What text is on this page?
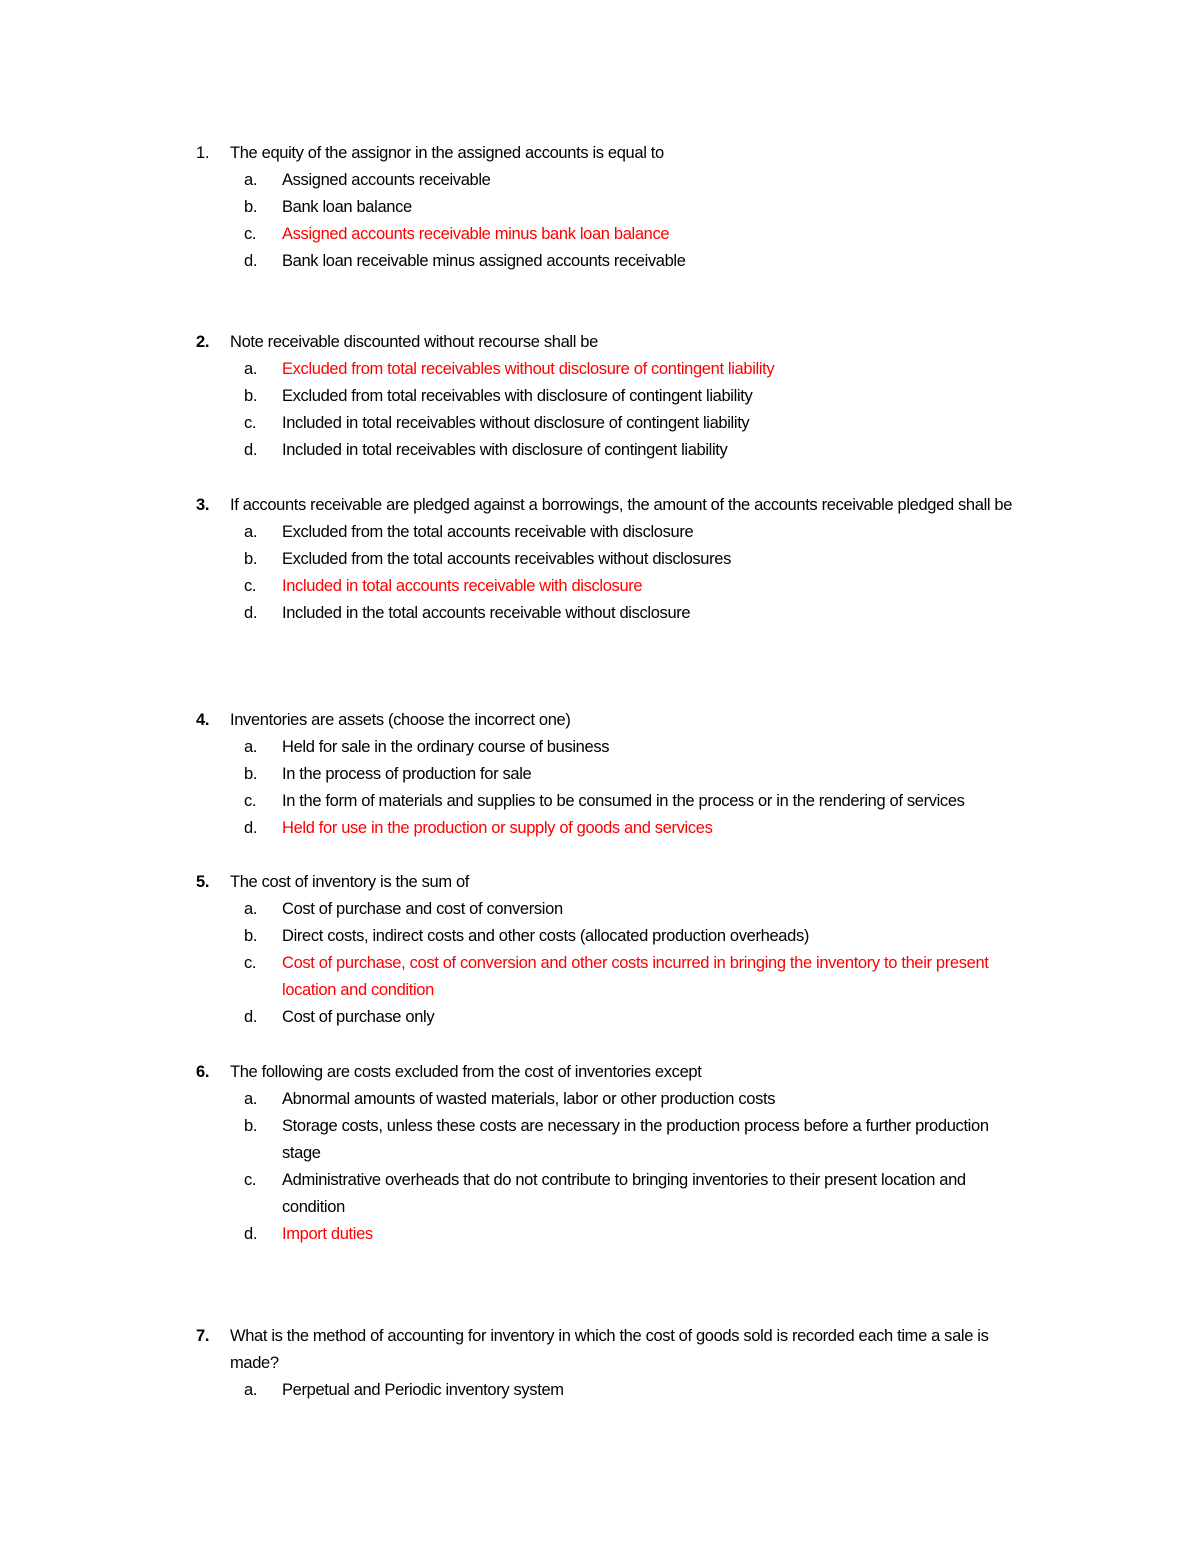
1.	The equity of the assignor in the assigned accounts is equal to
a.	Assigned accounts receivable
b.	Bank loan balance
c.	Assigned accounts receivable minus bank loan balance
d.	Bank loan receivable minus assigned accounts receivable
2.	Note receivable discounted without recourse shall be
a.	Excluded from total receivables without disclosure of contingent liability
b.	Excluded from total receivables with disclosure of contingent liability
c.	Included in total receivables without disclosure of contingent liability
d.	Included in total receivables with disclosure of contingent liability
3.	If accounts receivable are pledged against a borrowings, the amount of the accounts receivable pledged shall be
a.	Excluded from the total accounts receivable with disclosure
b.	Excluded from the total accounts receivables without disclosures
c.	Included in total accounts receivable with disclosure
d.	Included in the total accounts receivable without disclosure
4.	Inventories are assets (choose the incorrect one)
a.	Held for sale in the ordinary course of business
b.	In the process of production for sale
c.	In the form of materials and supplies to be consumed in the process or in the rendering of services
d.	Held for use in the production or supply of goods and services
5.	The cost of inventory is the sum of
a.	Cost of purchase and cost of conversion
b.	Direct costs, indirect costs and other costs (allocated production overheads)
c.	Cost of purchase, cost of conversion and other costs incurred in bringing the inventory to their present location and condition
d.	Cost of purchase only
6.	The following are costs excluded from the cost of inventories except
a.	Abnormal amounts of wasted materials, labor or other production costs
b.	Storage costs, unless these costs are necessary in the production process before a further production stage
c.	Administrative overheads that do not contribute to bringing inventories to their present location and condition
d.	Import duties
7.	What is the method of accounting for inventory in which the cost of goods sold is recorded each time a sale is made?
a.	Perpetual and Periodic inventory system
